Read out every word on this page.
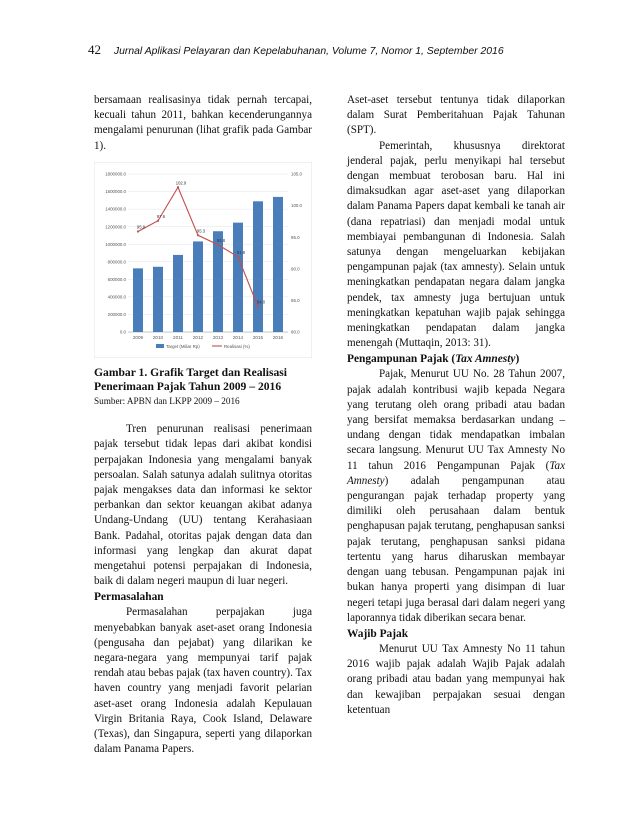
42 Jurnal Aplikasi Pelayaran dan Kepelabuhanan, Volume 7, Nomor 1, September 2016

bersamaan realisasinya tidak pernah tercapai, kecuali tahun 2011, bahkan kecenderungannya mengalami penurunan (lihat grafik pada Gambar 1).

0.0
200000.0
400000.0
600000.0
800000.0
1000000.0
1200000.0
1400000.0
1600000.0
1800000.0
80.0
85.0
90.0
95.0
100.0
105.0
2009 2010 2011 2012 2013 2014 2015 2016
95.9
97.6
102.9
95.3
93.8
91.9
84.0
Target (Miliar Rp)	Realisasi (%)
Gambar 1. Grafik Target dan Realisasi Penerimaan Pajak Tahun 2009 – 2016
Sumber: APBN dan LKPP 2009 – 2016

Tren penurunan realisasi penerimaan pajak tersebut tidak lepas dari akibat kondisi perpajakan Indonesia yang mengalami banyak persoalan. Salah satunya adalah sulitnya otoritas pajak mengakses data dan informasi ke sektor perbankan dan sektor keuangan akibat adanya Undang-Undang (UU) tentang Kerahasiaan Bank. Padahal, otoritas pajak dengan data dan informasi yang lengkap dan akurat dapat mengetahui potensi perpajakan di Indonesia, baik di dalam negeri maupun di luar negeri.

Permasalahan

Permasalahan perpajakan juga menyebabkan banyak aset-aset orang Indonesia (pengusaha dan pejabat) yang dilarikan ke negara-negara yang mempunyai tarif pajak rendah atau bebas pajak (tax haven country). Tax haven country yang menjadi favorit pelarian aset-aset orang Indonesia adalah Kepulauan Virgin Britania Raya, Cook Island, Delaware (Texas), dan Singapura, seperti yang dilaporkan dalam Panama Papers.

Aset-aset tersebut tentunya tidak dilaporkan dalam Surat Pemberitahuan Pajak Tahunan (SPT).

Pemerintah, khususnya direktorat jenderal pajak, perlu menyikapi hal tersebut dengan membuat terobosan baru. Hal ini dimaksudkan agar aset-aset yang dilaporkan dalam Panama Papers dapat kembali ke tanah air (dana repatriasi) dan menjadi modal untuk membiayai pembangunan di Indonesia. Salah satunya dengan mengeluarkan kebijakan pengampunan pajak (tax amnesty). Selain untuk meningkatkan pendapatan negara dalam jangka pendek, tax amnesty juga bertujuan untuk meningkatkan kepatuhan wajib pajak sehingga meningkatkan pendapatan dalam jangka menengah (Muttaqin, 2013: 31).

Pengampunan Pajak (Tax Amnesty)

Pajak, Menurut UU No. 28 Tahun 2007, pajak adalah kontribusi wajib kepada Negara yang terutang oleh orang pribadi atau badan yang bersifat memaksa berdasarkan undang – undang dengan tidak mendapatkan imbalan secara langsung. Menurut UU Tax Amnesty No 11 tahun 2016 Pengampunan Pajak (Tax Amnesty) adalah pengampunan atau pengurangan pajak terhadap property yang dimiliki oleh perusahaan dalam bentuk penghapusan pajak terutang, penghapusan sanksi pajak terutang, penghapusan sanksi pidana tertentu yang harus diharuskan membayar dengan uang tebusan. Pengampunan pajak ini bukan hanya properti yang disimpan di luar negeri tetapi juga berasal dari dalam negeri yang laporannya tidak diberikan secara benar.

Wajib Pajak

Menurut UU Tax Amnesty No 11 tahun 2016 wajib pajak adalah Wajib Pajak adalah orang pribadi atau badan yang mempunyai hak dan kewajiban perpajakan sesuai dengan ketentuan
